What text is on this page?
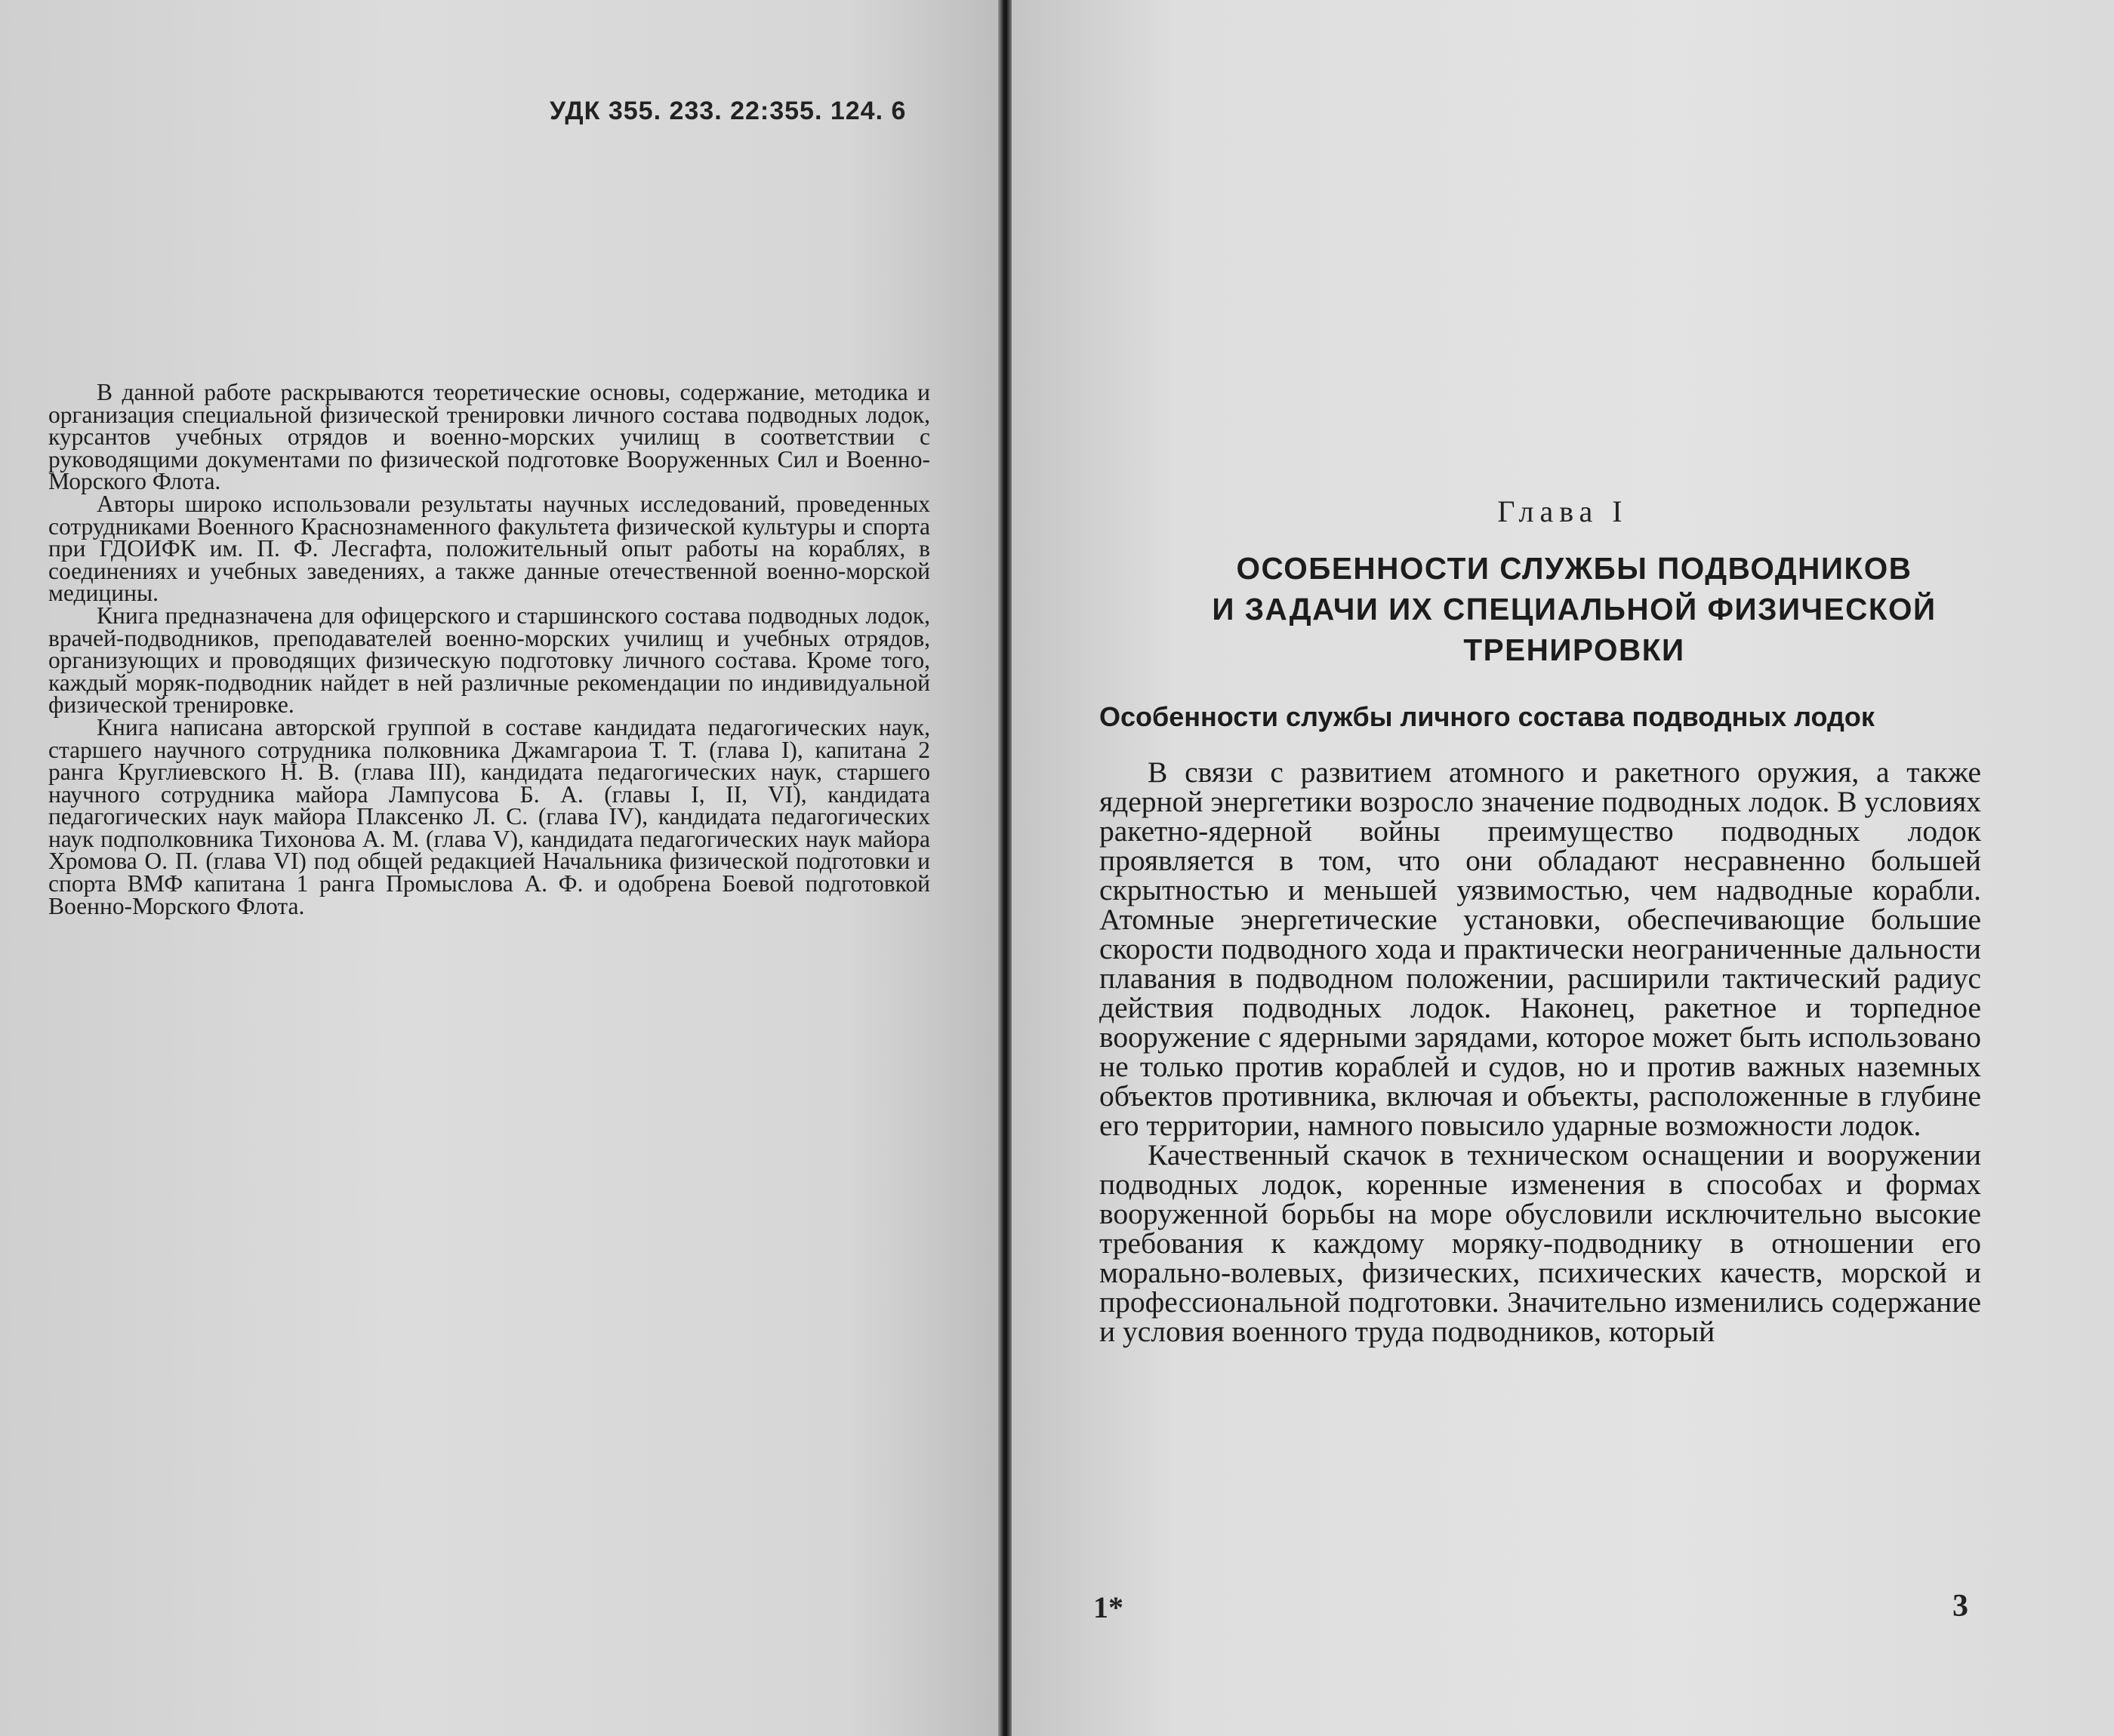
УДК 355. 233. 22:355. 124. 6

В данной работе раскрываются теоретические основы, содержание, методика и организация специальной физической тренировки личного состава подводных лодок, курсантов учебных отрядов и военно-морских училищ в соответствии с руководящими документами по физической подготовке Вооруженных Сил и Военно-Морского Флота.

Авторы широко использовали результаты научных исследований, проведенных сотрудниками Военного Краснознаменного факультета физической культуры и спорта при ГДОИФК им. П. Ф. Лесгафта, положительный опыт работы на кораблях, в соединениях и учебных заведениях, а также данные отечественной военно-морской медицины.

Книга предназначена для офицерского и старшинского состава подводных лодок, врачей-подводников, преподавателей военно-морских училищ и учебных отрядов, организующих и проводящих физическую подготовку личного состава. Кроме того, каждый моряк-подводник найдет в ней различные рекомендации по индивидуальной физической тренировке.

Книга написана авторской группой в составе кандидата педагогических наук, старшего научного сотрудника полковника Джамгароиа Т. Т. (глава I), капитана 2 ранга Круглиевского Н. В. (глава III), кандидата педагогических наук, старшего научного сотрудника майора Лампусова Б. А. (главы I, II, VI), кандидата педагогических наук майора Плаксенко Л. С. (глава IV), кандидата педагогических наук подполковника Тихонова А. М. (глава V), кандидата педагогических наук майора Хромова О. П. (глава VI) под общей редакцией Начальника физической подготовки и спорта ВМФ капитана 1 ранга Промыслова А. Ф. и одобрена Боевой подготовкой Военно-Морского Флота.

Глава I
ОСОБЕННОСТИ СЛУЖБЫ ПОДВОДНИКОВ
И ЗАДАЧИ ИХ СПЕЦИАЛЬНОЙ ФИЗИЧЕСКОЙ
ТРЕНИРОВКИ
Особенности службы личного состава подводных лодок

В связи с развитием атомного и ракетного оружия, а также ядерной энергетики возросло значение подводных лодок. В условиях ракетно-ядерной войны преимущество подводных лодок проявляется в том, что они обладают несравненно большей скрытностью и меньшей уязвимостью, чем надводные корабли. Атомные энергетические установки, обеспечивающие большие скорости подводного хода и практически неограниченные дальности плавания в подводном положении, расширили тактический радиус действия подводных лодок. Наконец, ракетное и торпедное вооружение с ядерными зарядами, которое может быть использовано не только против кораблей и судов, но и против важных наземных объектов противника, включая и объекты, расположенные в глубине его территории, намного повысило ударные возможности лодок.

Качественный скачок в техническом оснащении и вооружении подводных лодок, коренные изменения в способах и формах вооруженной борьбы на море обусловили исключительно высокие требования к каждому моряку-подводнику в отношении его морально-волевых, физических, психических качеств, морской и профессиональной подготовки. Значительно изменились содержание и условия военного труда подводников, который

1*	3
